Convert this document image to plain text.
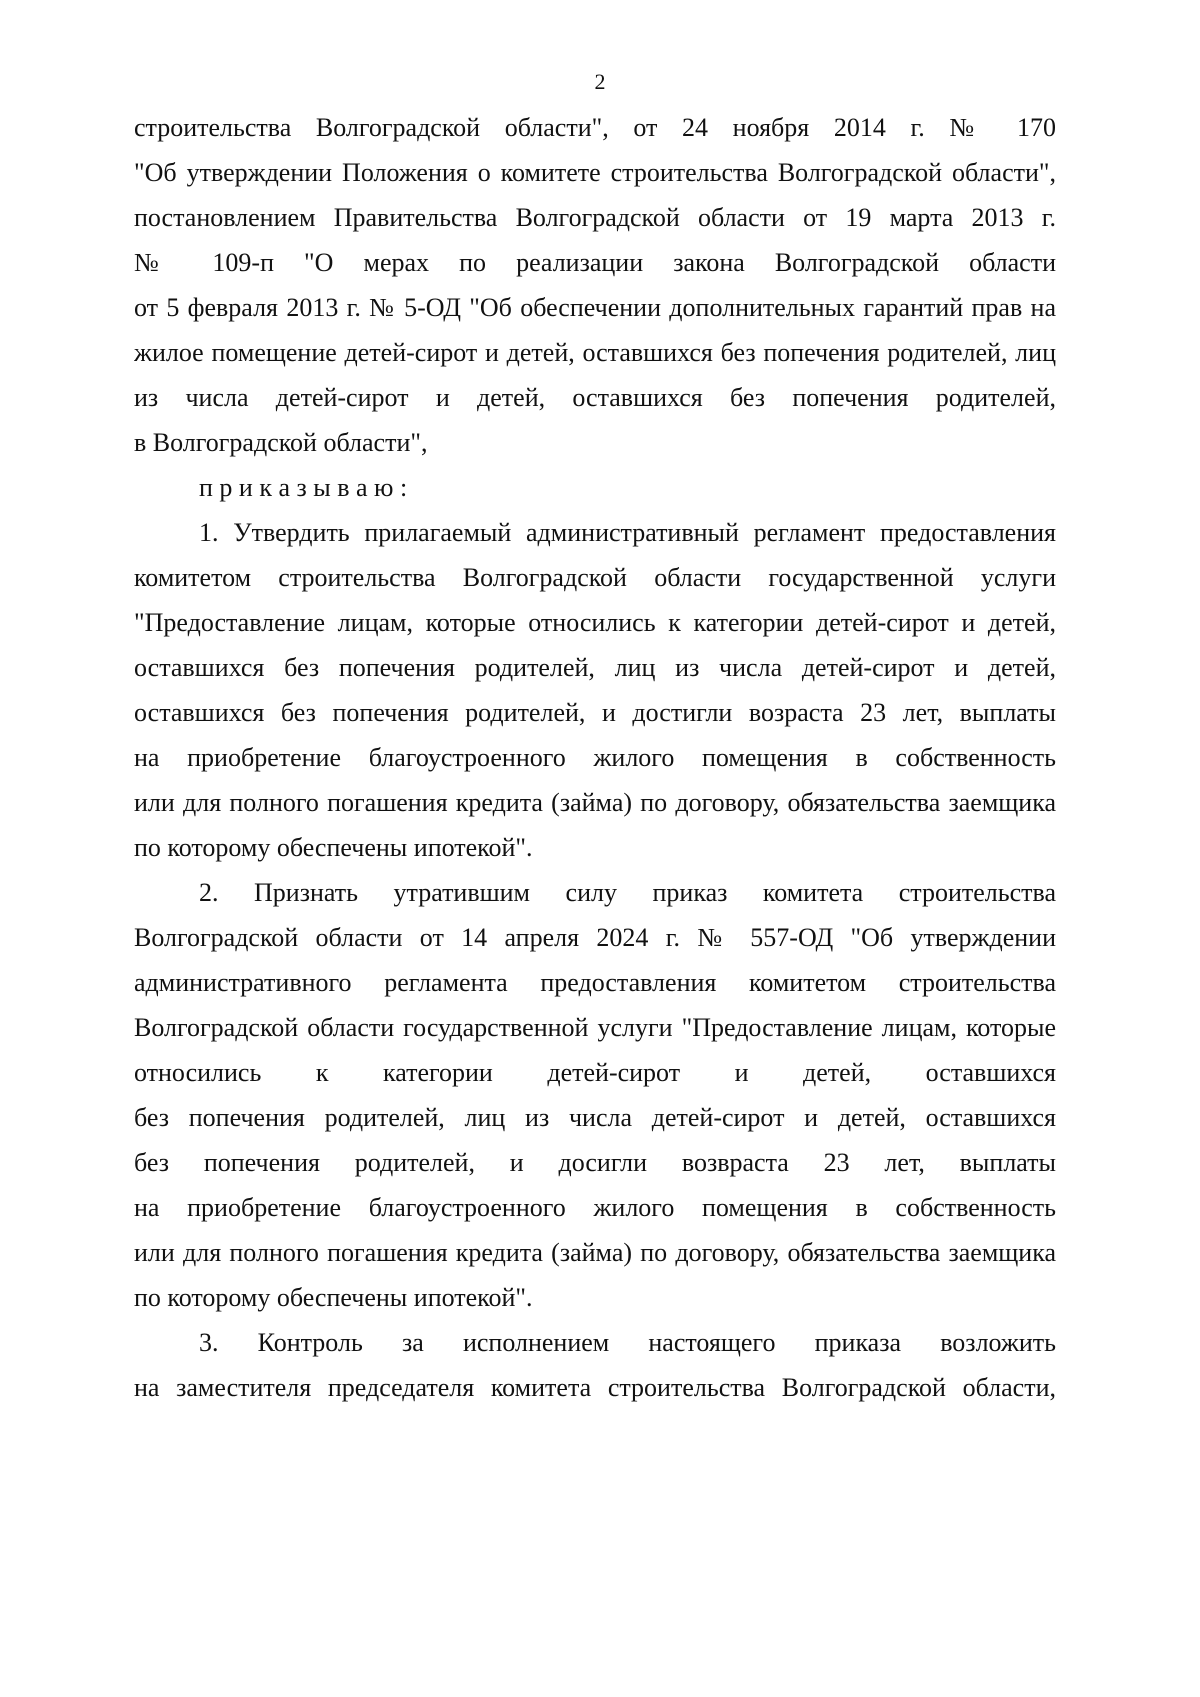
2
строительства Волгоградской области", от 24 ноября 2014 г. № 170
"Об утверждении Положения о комитете строительства Волгоградской области",
постановлением Правительства Волгоградской области от 19 марта 2013 г.
№ 109-п "О мерах по реализации закона Волгоградской области
от 5 февраля 2013 г. № 5-ОД "Об обеспечении дополнительных гарантий прав на
жилое помещение детей-сирот и детей, оставшихся без попечения родителей, лиц
из числа детей-сирот и детей, оставшихся без попечения родителей,
в Волгоградской области",
п р и к а з ы в а ю :
1. Утвердить прилагаемый административный регламент предоставления
комитетом строительства Волгоградской области государственной услуги
"Предоставление лицам, которые относились к категории детей-сирот и детей,
оставшихся без попечения родителей, лиц из числа детей-сирот и детей,
оставшихся без попечения родителей, и достигли возраста 23 лет, выплаты
на приобретение благоустроенного жилого помещения в собственность
или для полного погашения кредита (займа) по договору, обязательства заемщика
по которому обеспечены ипотекой".
2. Признать утратившим силу приказ комитета строительства
Волгоградской области от 14 апреля 2024 г. № 557-ОД "Об утверждении
административного регламента предоставления комитетом строительства
Волгоградской области государственной услуги "Предоставление лицам, которые
относились к категории детей-сирот и детей, оставшихся
без попечения родителей, лиц из числа детей-сирот и детей, оставшихся
без попечения родителей, и досигли возвраста 23 лет, выплаты
на приобретение благоустроенного жилого помещения в собственность
или для полного погашения кредита (займа) по договору, обязательства заемщика
по которому обеспечены ипотекой".
3. Контроль за исполнением настоящего приказа возложить
на заместителя председателя комитета строительства Волгоградской области,
